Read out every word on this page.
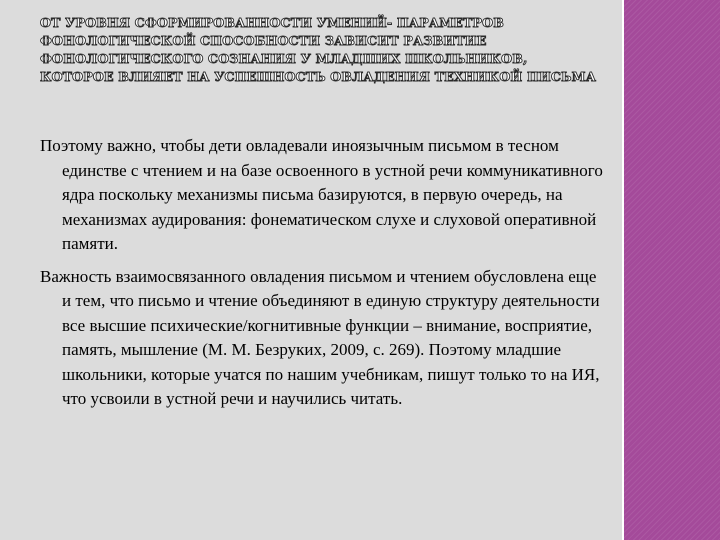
ОТ УРОВНЯ СФОРМИРОВАННОСТИ УМЕНИЙ- ПАРАМЕТРОВ ФОНОЛОГИЧЕСКОЙ СПОСОБНОСТИ ЗАВИСИТ РАЗВИТИЕ ФОНОЛОГИЧЕСКОГО СОЗНАНИЯ У МЛАДШИХ ШКОЛЬНИКОВ, КОТОРОЕ ВЛИЯЕТ НА УСПЕШНОСТЬ ОВЛАДЕНИЯ ТЕХНИКОЙ ПИСЬМА

Поэтому важно, чтобы дети овладевали иноязычным письмом в тесном единстве с чтением и на базе освоенного в устной речи коммуникативного ядра поскольку механизмы письма базируются, в первую очередь, на механизмах аудирования: фонематическом слухе и слуховой оперативной памяти.

Важность взаимосвязанного овладения письмом и чтением обусловлена еще и тем, что письмо и чтение объединяют в единую структуру деятельности все высшие психические/когнитивные функции – внимание, восприятие, память, мышление (М. М. Безруких, 2009, с. 269). Поэтому младшие школьники, которые учатся по нашим учебникам, пишут только то на ИЯ, что усвоили в устной речи и научились читать.
